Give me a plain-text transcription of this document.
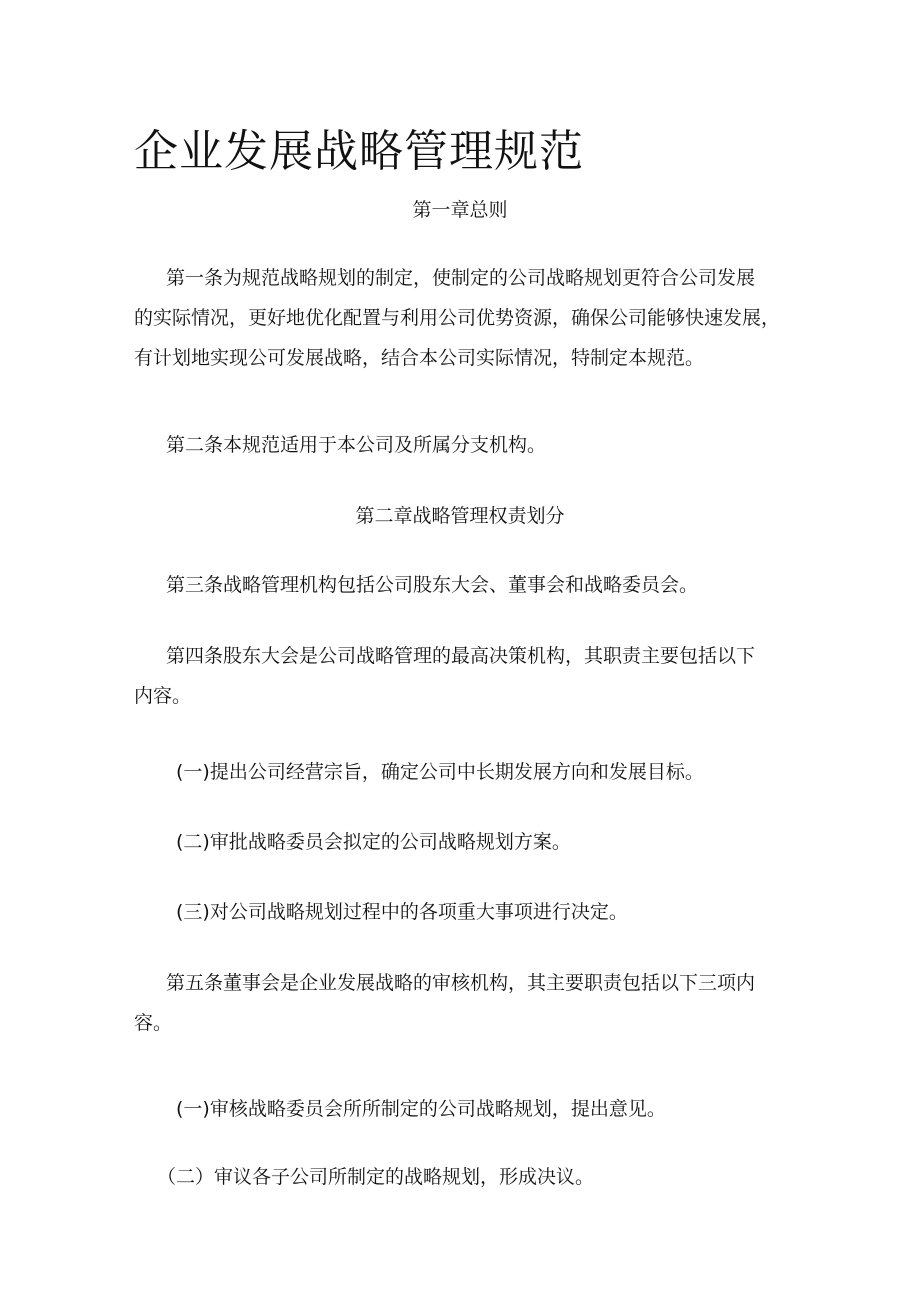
企业发展战略管理规范
第一章总则
第一条为规范战略规划的制定，使制定的公司战略规划更符合公司发展
的实际情况，更好地优化配置与利用公司优势资源，确保公司能够快速发展，
有计划地实现公可发展战略，结合本公司实际情况，特制定本规范。
第二条本规范适用于本公司及所属分支机构。
第二章战略管理权责划分
第三条战略管理机构包括公司股东大会、董事会和战略委员会。
第四条股东大会是公司战略管理的最高决策机构，其职责主要包括以下
内容。
(一)提出公司经营宗旨，确定公司中长期发展方向和发展目标。
(二)审批战略委员会拟定的公司战略规划方案。
(三)对公司战略规划过程中的各项重大事项进行决定。
第五条董事会是企业发展战略的审核机构，其主要职责包括以下三项内
容。
(一)审核战略委员会所所制定的公司战略规划，提出意见。
（二）审议各子公司所制定的战略规划，形成决议。
